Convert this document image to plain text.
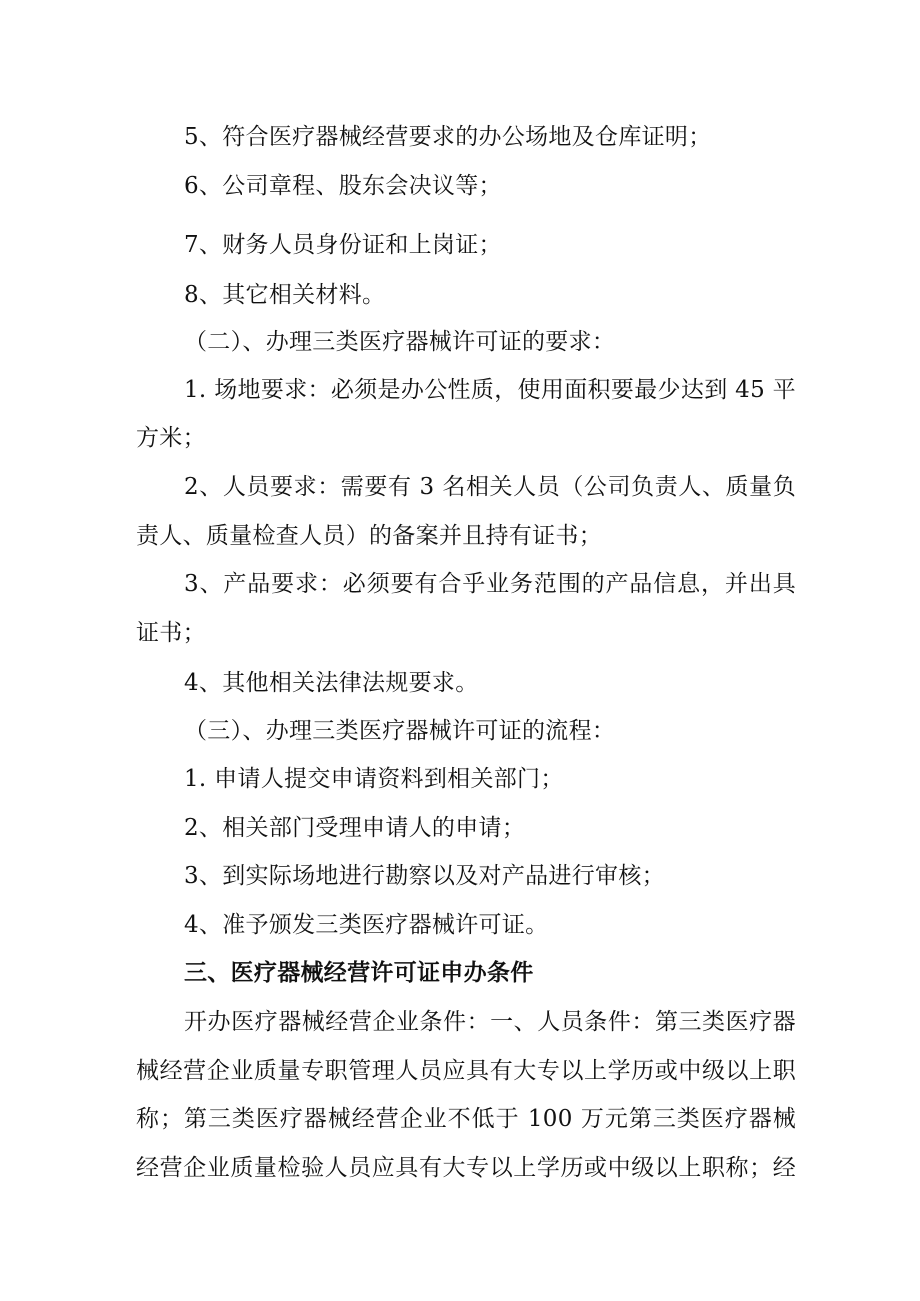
5、符合医疗器械经营要求的办公场地及仓库证明；
6、公司章程、股东会决议等；
7、财务人员身份证和上岗证；
8、其它相关材料。
（二）、办理三类医疗器械许可证的要求：
1. 场地要求：必须是办公性质，使用面积要最少达到 45 平
方米；
2、人员要求：需要有 3 名相关人员（公司负责人、质量负
责人、质量检查人员）的备案并且持有证书；
3、产品要求：必须要有合乎业务范围的产品信息，并出具
证书；
4、其他相关法律法规要求。
（三）、办理三类医疗器械许可证的流程：
1. 申请人提交申请资料到相关部门；
2、相关部门受理申请人的申请；
3、到实际场地进行勘察以及对产品进行审核；
4、准予颁发三类医疗器械许可证。
三、医疗器械经营许可证申办条件
开办医疗器械经营企业条件：一、人员条件：第三类医疗器
械经营企业质量专职管理人员应具有大专以上学历或中级以上职
称；第三类医疗器械经营企业不低于 100 万元第三类医疗器械
经营企业质量检验人员应具有大专以上学历或中级以上职称；经
